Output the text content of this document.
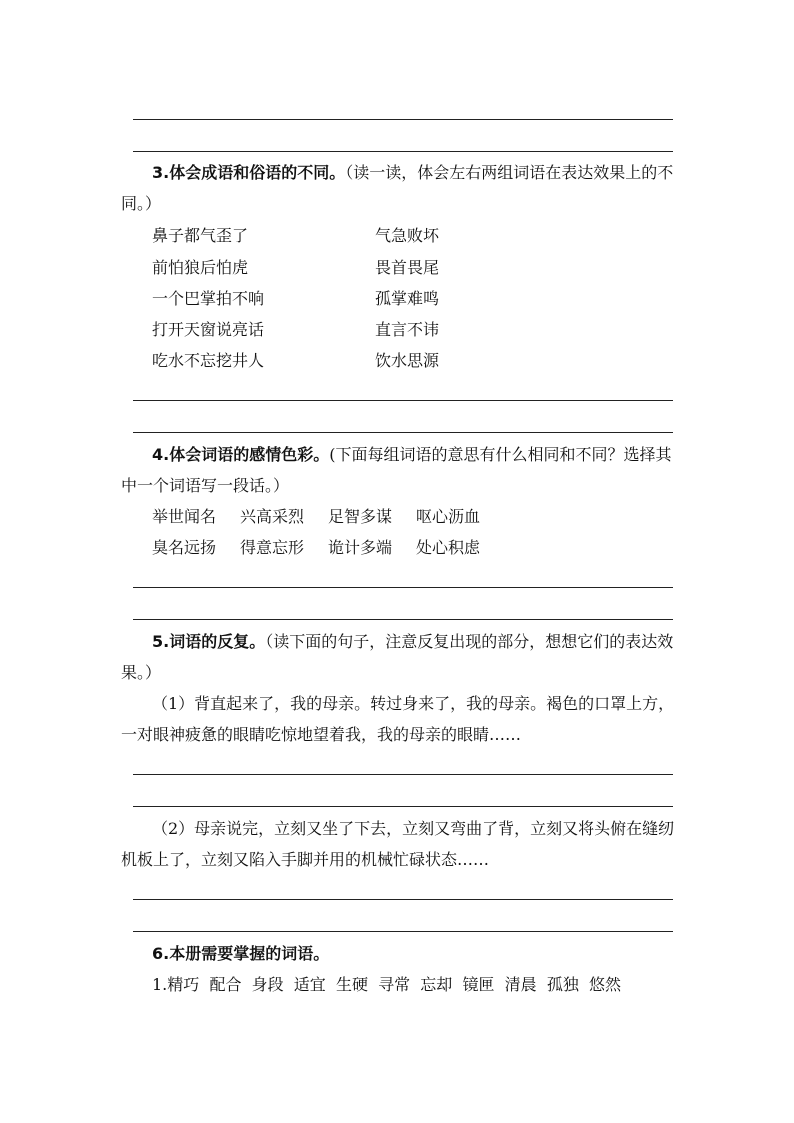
3.体会成语和俗语的不同。（读一读，体会左右两组词语在表达效果上的不
同。）
鼻子都气歪了	气急败坏
前怕狼后怕虎	畏首畏尾
一个巴掌拍不响	孤掌难鸣
打开天窗说亮话	直言不讳
吃水不忘挖井人	饮水思源
4.体会词语的感情色彩。(下面每组词语的意思有什么相同和不同？选择其
中一个词语写一段话。）
举世闻名 兴高采烈 足智多谋 呕心沥血
臭名远扬 得意忘形 诡计多端 处心积虑
5.词语的反复。（读下面的句子，注意反复出现的部分，想想它们的表达效
果。）
（1）背直起来了，我的母亲。转过身来了，我的母亲。褐色的口罩上方，
一对眼神疲惫的眼睛吃惊地望着我，我的母亲的眼睛……
（2）母亲说完，立刻又坐了下去，立刻又弯曲了背，立刻又将头俯在缝纫
机板上了，立刻又陷入手脚并用的机械忙碌状态……
6.本册需要掌握的词语。
1.精巧  配合  身段  适宜  生硬  寻常  忘却  镜匣  清晨  孤独  悠然
